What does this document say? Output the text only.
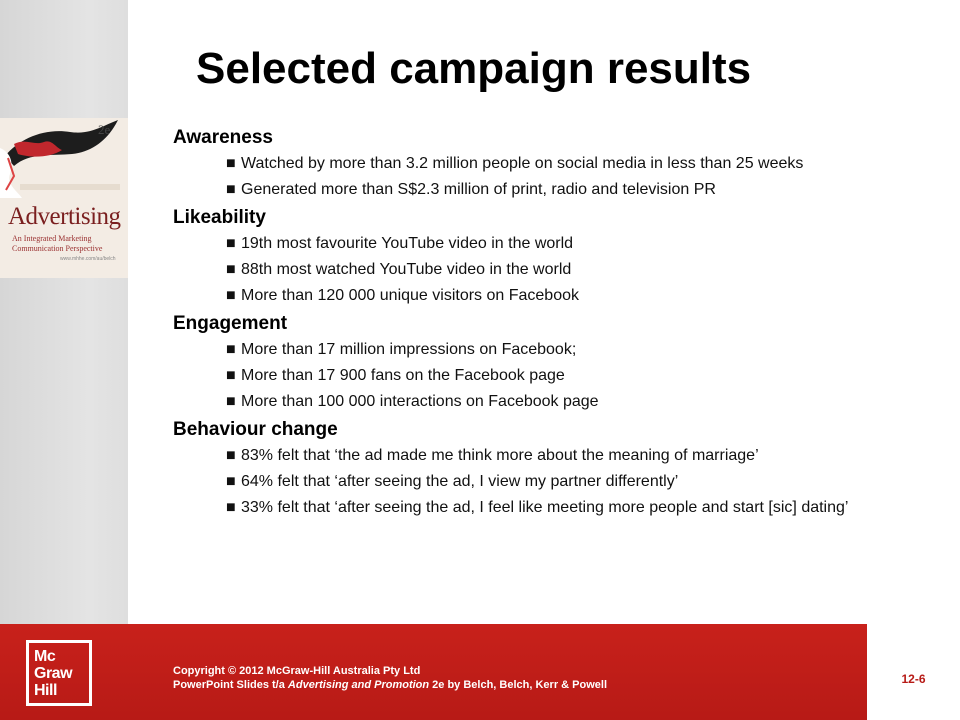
2e
Advertising
An Integrated Marketing Communication Perspective
www.mhhe.com/au/belch
Selected campaign results
Awareness
■ Watched by more than 3.2 million people on social media in less than 25 weeks
■ Generated more than S$2.3 million of print, radio and television PR
Likeability
■ 19th most favourite YouTube video in the world
■ 88th most watched YouTube video in the world
■ More than 120 000 unique visitors on Facebook
Engagement
■ More than 17 million impressions on Facebook;
■ More than 17 900 fans on the Facebook page
■ More than 100 000 interactions on Facebook page
Behaviour change
■ 83% felt that ‘the ad made me think more about the meaning of marriage’
■ 64% felt that ‘after seeing the ad, I view my partner differently’
■ 33% felt that ‘after seeing the ad, I feel like meeting more people and start [sic] dating’
Mc
Graw
Hill
Copyright © 2012 McGraw-Hill Australia Pty Ltd
PowerPoint Slides t/a Advertising and Promotion 2e by Belch, Belch, Kerr & Powell	12-6
